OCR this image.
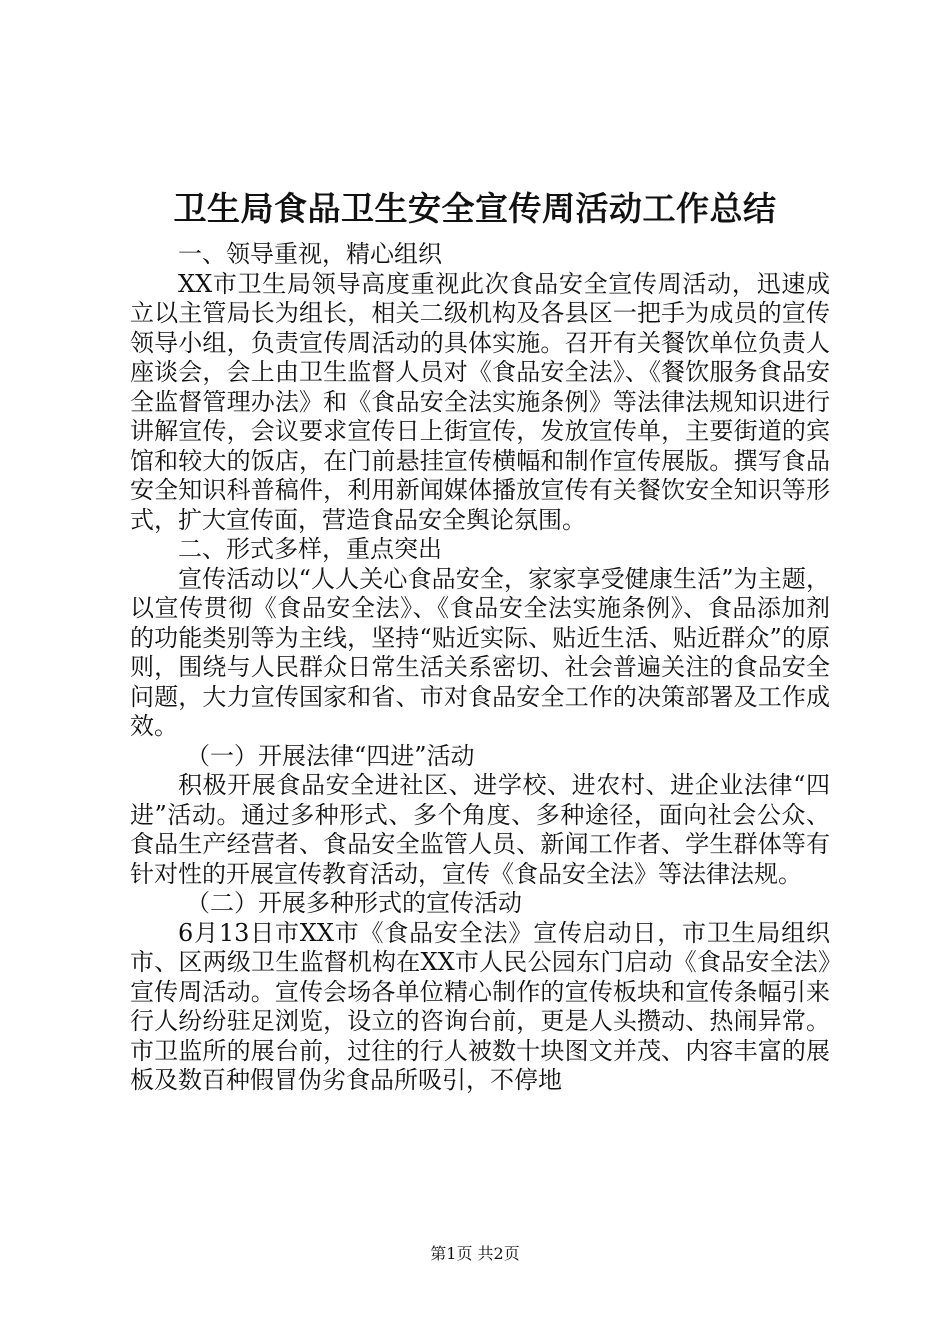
卫生局食品卫生安全宣传周活动工作总结

一、领导重视，精心组织

XX市卫生局领导高度重视此次食品安全宣传周活动，迅速成立以主管局长为组长，相关二级机构及各县区一把手为成员的宣传领导小组，负责宣传周活动的具体实施。召开有关餐饮单位负责人座谈会，会上由卫生监督人员对《食品安全法》、《餐饮服务食品安全监督管理办法》和《食品安全法实施条例》等法律法规知识进行讲解宣传，会议要求宣传日上街宣传，发放宣传单，主要街道的宾馆和较大的饭店，在门前悬挂宣传横幅和制作宣传展版。撰写食品安全知识科普稿件，利用新闻媒体播放宣传有关餐饮安全知识等形式，扩大宣传面，营造食品安全舆论氛围。

二、形式多样，重点突出

宣传活动以“人人关心食品安全，家家享受健康生活”为主题，以宣传贯彻《食品安全法》、《食品安全法实施条例》、食品添加剂的功能类别等为主线，坚持“贴近实际、贴近生活、贴近群众”的原则，围绕与人民群众日常生活关系密切、社会普遍关注的食品安全问题，大力宣传国家和省、市对食品安全工作的决策部署及工作成效。

（一）开展法律“四进”活动

积极开展食品安全进社区、进学校、进农村、进企业法律“四进”活动。通过多种形式、多个角度、多种途径，面向社会公众、食品生产经营者、食品安全监管人员、新闻工作者、学生群体等有针对性的开展宣传教育活动，宣传《食品安全法》等法律法规。

（二）开展多种形式的宣传活动

6月13日市XX市《食品安全法》宣传启动日，市卫生局组织市、区两级卫生监督机构在XX市人民公园东门启动《食品安全法》宣传周活动。宣传会场各单位精心制作的宣传板块和宣传条幅引来行人纷纷驻足浏览，设立的咨询台前，更是人头攒动、热闹异常。市卫监所的展台前，过往的行人被数十块图文并茂、内容丰富的展板及数百种假冒伪劣食品所吸引，不停地

第1页 共2页
